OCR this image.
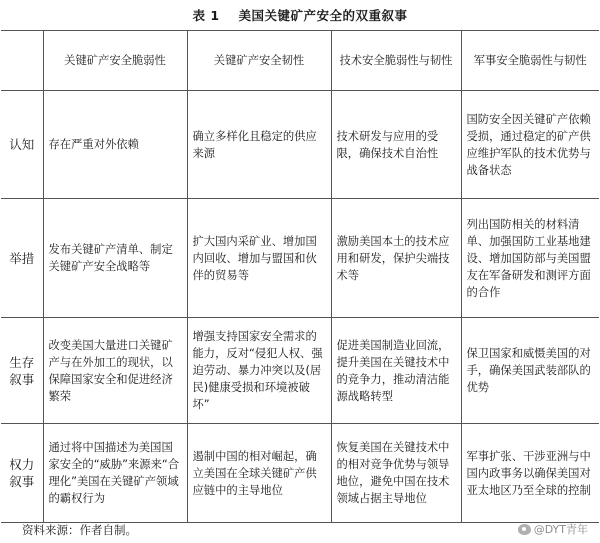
表 1 美国关键矿产安全的双重叙事
	关键矿产安全脆弱性	关键矿产安全韧性	技术安全脆弱性与韧性	军事安全脆弱性与韧性
认知	存在严重对外依赖	确立多样化且稳定的供应来源	技术研发与应用的受限，确保技术自治性	国防安全因关键矿产依赖受损，通过稳定的矿产供应维护军队的技术优势与战备状态
举措	发布关键矿产清单、制定关键矿产安全战略等	扩大国内采矿业、增加国内回收、增加与盟国和伙伴的贸易等	激励美国本土的技术应用和研发，保护尖端技术等	列出国防相关的材料清单、加强国防工业基地建设、增加国防部与美国盟友在军备研发和测评方面的合作
生存叙事	改变美国大量进口关键矿产与在外加工的现状，以保障国家安全和促进经济繁荣	增强支持国家安全需求的能力，反对“侵犯人权、强迫劳动、暴力冲突以及(居民)健康受损和环境被破坏”	促进美国制造业回流，提升美国在关键技术中的竞争力，推动清洁能源战略转型	保卫国家和威慑美国的对手，确保美国武装部队的优势
权力叙事	通过将中国描述为美国国家安全的“威胁”来源来“合理化”美国在关键矿产领域的霸权行为	遏制中国的相对崛起，确立美国在全球关键矿产供应链中的主导地位	恢复美国在关键技术中的相对竞争优势与领导地位，避免中国在技术领域占据主导地位	军事扩张、干涉亚洲与中国内政事务以确保美国对亚太地区乃至全球的控制
资料来源：作者自制。	@DYT青年
